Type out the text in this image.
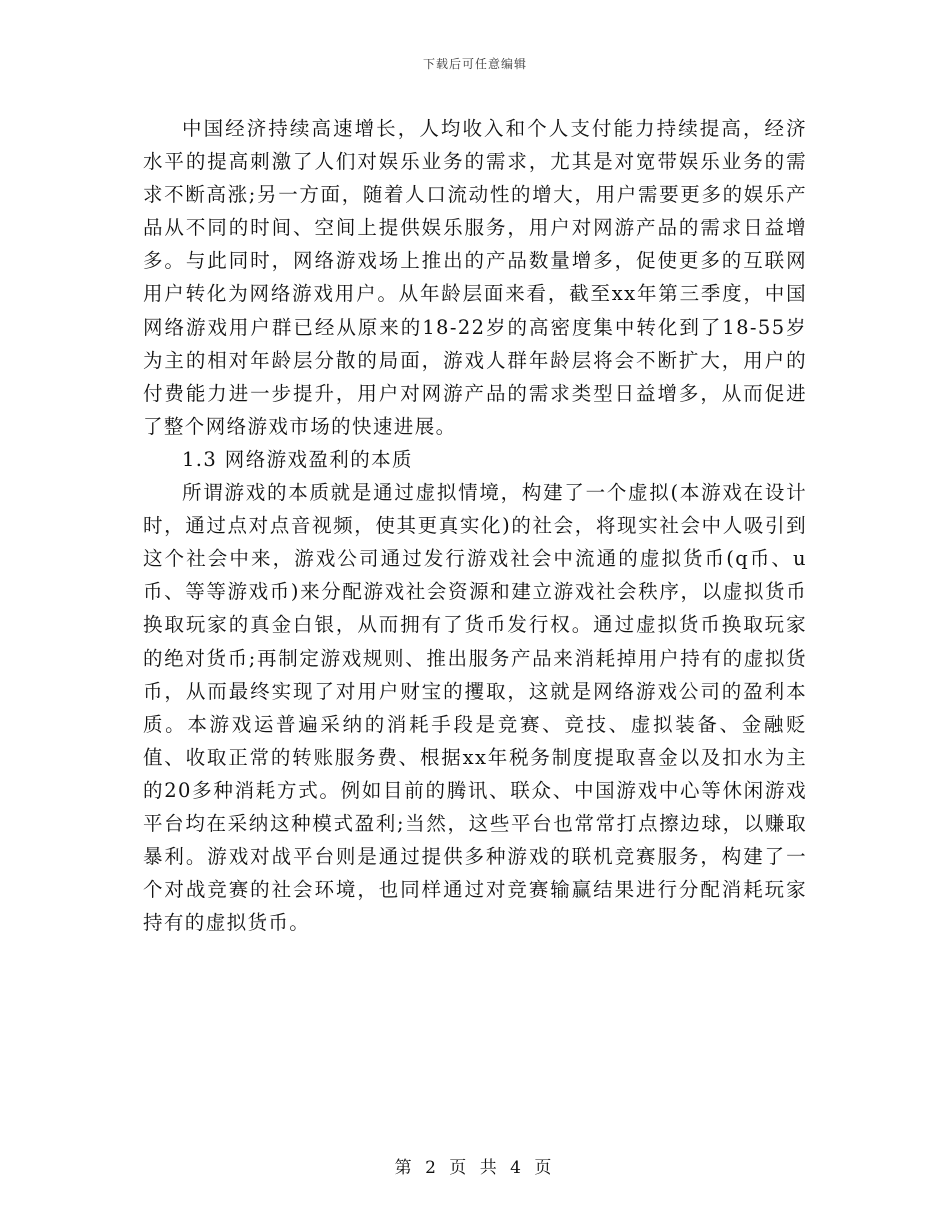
下载后可任意编辑

中国经济持续高速增长，人均收入和个人支付能力持续提高，经济水平的提高刺激了人们对娱乐业务的需求，尤其是对宽带娱乐业务的需求不断高涨;另一方面，随着人口流动性的增大，用户需要更多的娱乐产品从不同的时间、空间上提供娱乐服务，用户对网游产品的需求日益增多。与此同时，网络游戏场上推出的产品数量增多，促使更多的互联网用户转化为网络游戏用户。从年龄层面来看，截至xx年第三季度，中国网络游戏用户群已经从原来的18-22岁的高密度集中转化到了18-55岁为主的相对年龄层分散的局面，游戏人群年龄层将会不断扩大，用户的付费能力进一步提升，用户对网游产品的需求类型日益增多，从而促进了整个网络游戏市场的快速进展。

1.3 网络游戏盈利的本质

所谓游戏的本质就是通过虚拟情境，构建了一个虚拟(本游戏在设计时，通过点对点音视频，使其更真实化)的社会，将现实社会中人吸引到这个社会中来，游戏公司通过发行游戏社会中流通的虚拟货币(q币、u币、等等游戏币)来分配游戏社会资源和建立游戏社会秩序，以虚拟货币换取玩家的真金白银，从而拥有了货币发行权。通过虚拟货币换取玩家的绝对货币;再制定游戏规则、推出服务产品来消耗掉用户持有的虚拟货币，从而最终实现了对用户财宝的攫取，这就是网络游戏公司的盈利本质。本游戏运普遍采纳的消耗手段是竞赛、竞技、虚拟装备、金融贬值、收取正常的转账服务费、根据xx年税务制度提取喜金以及扣水为主的20多种消耗方式。例如目前的腾讯、联众、中国游戏中心等休闲游戏平台均在采纳这种模式盈利;当然，这些平台也常常打点擦边球，以赚取暴利。游戏对战平台则是通过提供多种游戏的联机竞赛服务，构建了一个对战竞赛的社会环境，也同样通过对竞赛输赢结果进行分配消耗玩家持有的虚拟货币。

第 2 页 共 4 页
